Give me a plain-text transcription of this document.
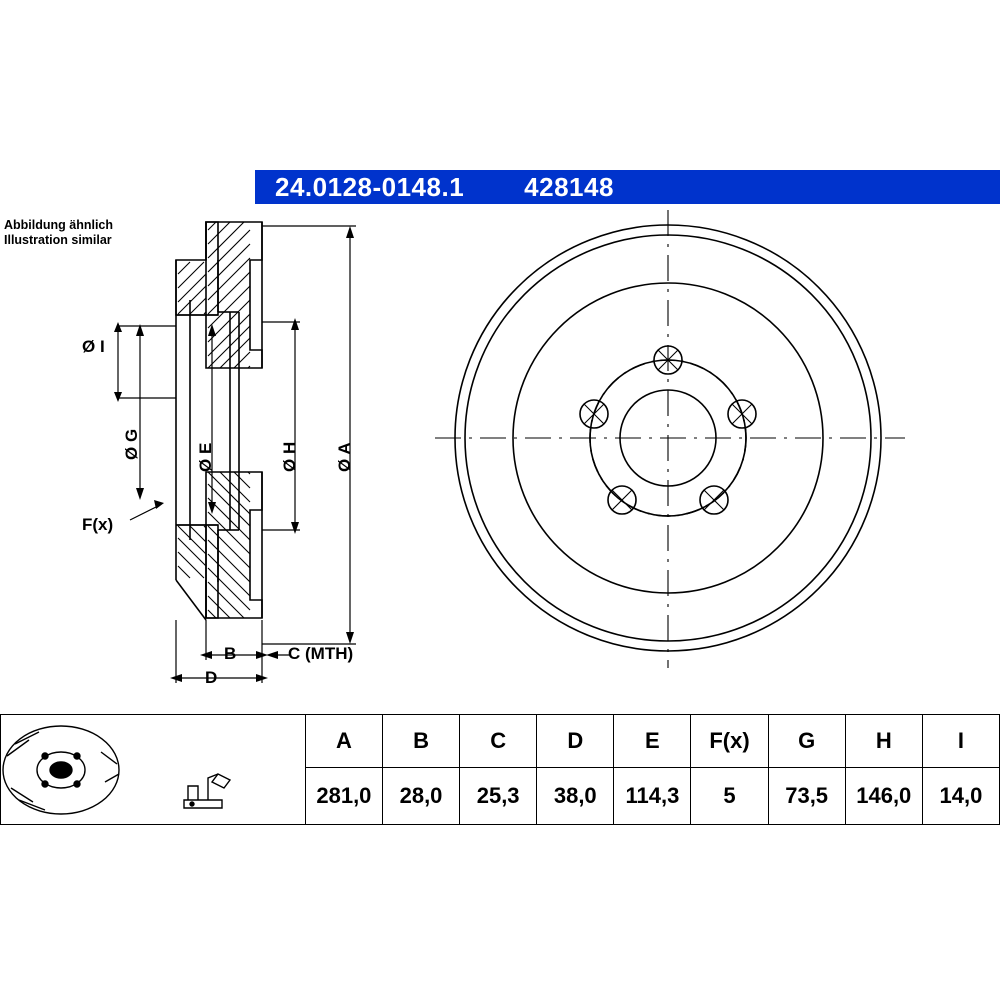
24.0128-0148.1 428148
Abbildung ähnlich
Illustration similar
Ø I
Ø G	Ø E	Ø H Ø A
F(x)
B	C (MTH)
D
	A	B	C	D	E	F(x)	G	H	I
	281,0	28,0	25,3	38,0	114,3	5	73,5	146,0	14,0
